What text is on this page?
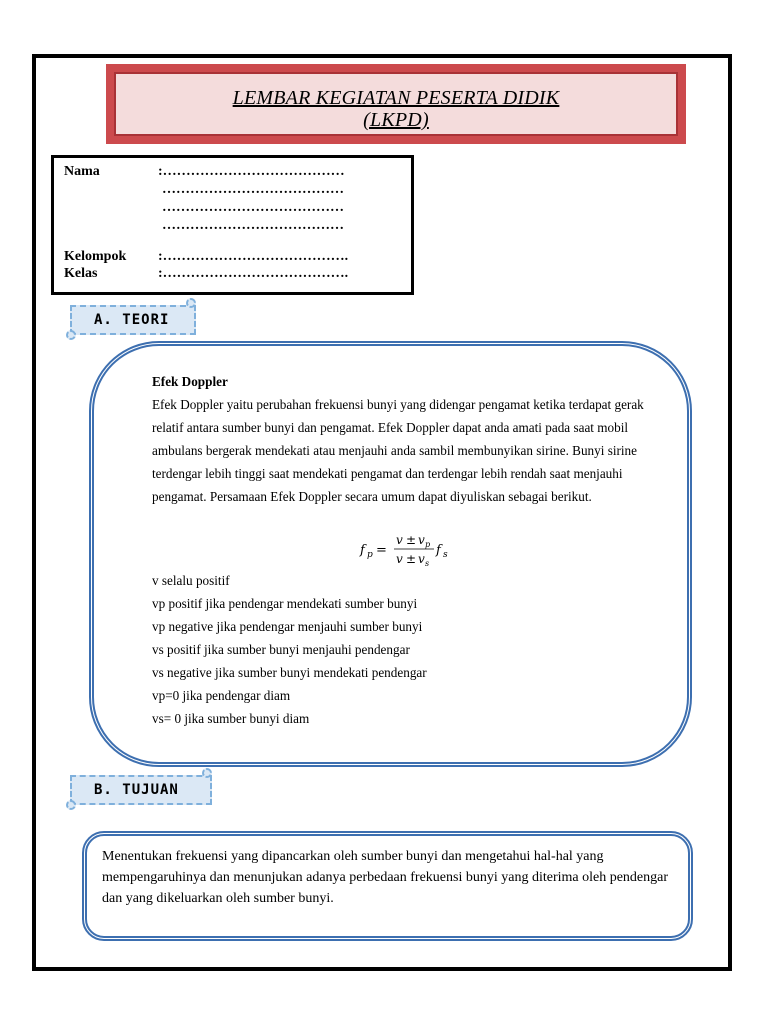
LEMBAR KEGIATAN PESERTA DIDIK
(LKPD)
Nama	:…………………………………
…………………………………
…………………………………
…………………………………
Kelompok :………………………………….
Kelas	:………………………………….
A. TEORI
Efek Doppler
Efek Doppler yaitu perubahan frekuensi bunyi yang didengar pengamat ketika terdapat gerak relatif antara sumber bunyi dan pengamat. Efek Doppler dapat anda amati pada saat mobil ambulans bergerak mendekati atau menjauhi anda sambil membunyikan sirine. Bunyi sirine terdengar lebih tinggi saat mendekati pengamat dan terdengar lebih rendah saat menjauhi pengamat. Persamaan Efek Doppler secara umum dapat diyuliskan sebagai berikut.
f p =
v ± v p
v ± v s
f s
v selalu positif
vp positif jika pendengar mendekati sumber bunyi
vp negative jika pendengar menjauhi sumber bunyi
vs positif jika sumber bunyi menjauhi pendengar
vs negative jika sumber bunyi mendekati pendengar
vp=0 jika pendengar diam
vs= 0 jika sumber bunyi diam
B. TUJUAN
Menentukan frekuensi yang dipancarkan oleh sumber bunyi dan mengetahui hal-hal yang mempengaruhinya dan menunjukan adanya perbedaan frekuensi bunyi yang diterima oleh pendengar dan yang dikeluarkan oleh sumber bunyi.
